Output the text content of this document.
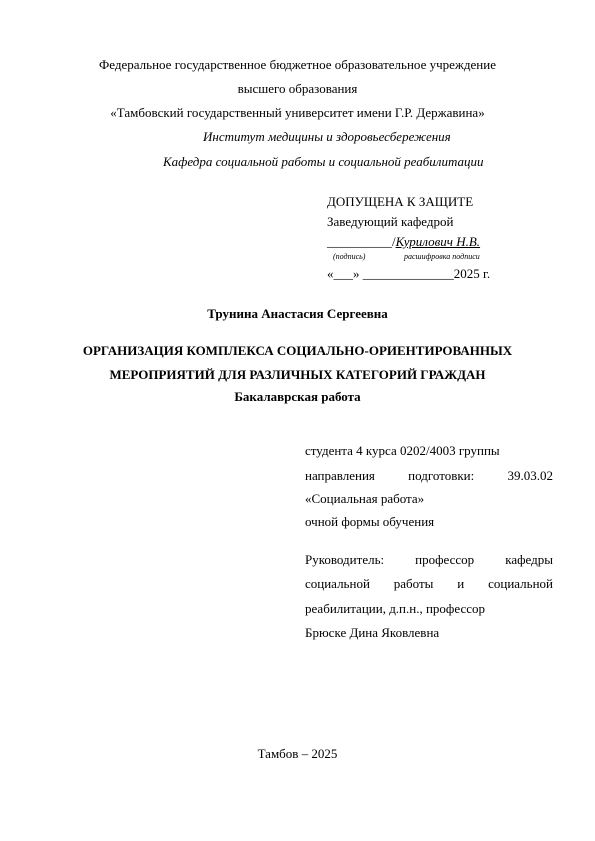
Федеральное государственное бюджетное образовательное учреждение
высшего образования
«Тамбовский государственный университет имени Г.Р. Державина»
Институт медицины и здоровьесбережения
Кафедра социальной работы и социальной реабилитации
ДОПУЩЕНА К ЗАЩИТЕ
Заведующий кафедрой
__________/Курилович Н.В.
(подпись)	расшифровка подписи
«___» ______________2025 г.
Трунина Анастасия Сергеевна
ОРГАНИЗАЦИЯ КОМПЛЕКСА СОЦИАЛЬНО-ОРИЕНТИРОВАННЫХ
МЕРОПРИЯТИЙ ДЛЯ РАЗЛИЧНЫХ КАТЕГОРИЙ ГРАЖДАН
Бакалаврская работа
студента 4 курса 0202/4003 группы
направления	подготовки:	39.03.02
«Социальная работа»
очной формы обучения
Руководитель: профессор кафедры
социальной работы и социальной
реабилитации, д.п.н., профессор
Брюске Дина Яковлевна
Тамбов – 2025
